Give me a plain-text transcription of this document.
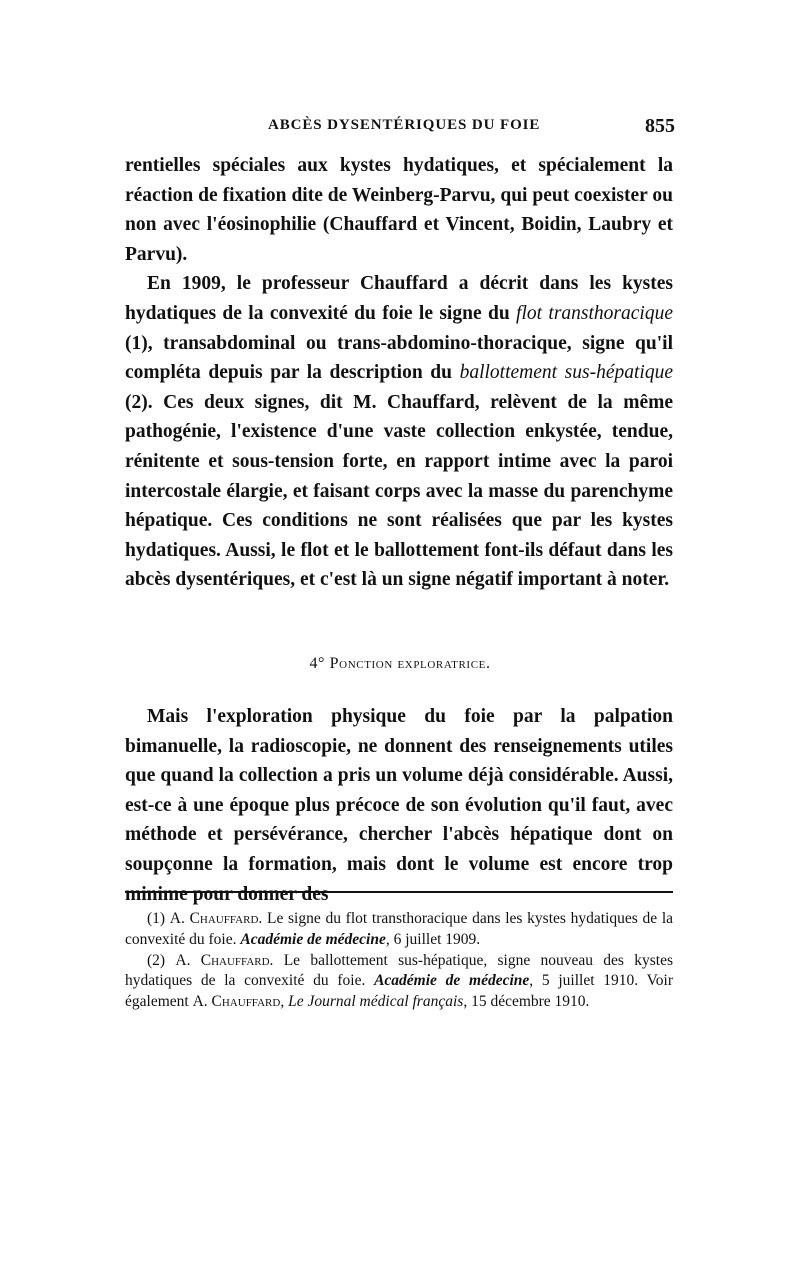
ABCÈS DYSENTÉRIQUES DU FOIE	855

rentielles spéciales aux kystes hydatiques, et spécialement la réaction de fixation dite de Weinberg-Parvu, qui peut coexister ou non avec l'éosinophilie (Chauffard et Vincent, Boidin, Laubry et Parvu).

En 1909, le professeur Chauffard a décrit dans les kystes hydatiques de la convexité du foie le signe du flot transthoracique (1), transabdominal ou trans-abdomino-thoracique, signe qu'il compléta depuis par la description du ballottement sus-hépatique (2). Ces deux signes, dit M. Chauffard, relèvent de la même pathogénie, l'existence d'une vaste collection enkystée, tendue, rénitente et sous-tension forte, en rapport intime avec la paroi intercostale élargie, et faisant corps avec la masse du parenchyme hépatique. Ces conditions ne sont réalisées que par les kystes hydatiques. Aussi, le flot et le ballottement font-ils défaut dans les abcès dysentériques, et c'est là un signe négatif important à noter.

4° Ponction exploratrice.

Mais l'exploration physique du foie par la palpation bimanuelle, la radioscopie, ne donnent des renseignements utiles que quand la collection a pris un volume déjà considérable. Aussi, est-ce à une époque plus précoce de son évolution qu'il faut, avec méthode et persévérance, chercher l'abcès hépatique dont on soupçonne la formation, mais dont le volume est encore trop minime pour donner des

(1) A. Chauffard. Le signe du flot transthoracique dans les kystes hydatiques de la convexité du foie. Académie de médecine, 6 juillet 1909.

(2) A. Chauffard. Le ballottement sus-hépatique, signe nouveau des kystes hydatiques de la convexité du foie. Académie de médecine, 5 juillet 1910. Voir également A. Chauffard, Le Journal médical français, 15 décembre 1910.
